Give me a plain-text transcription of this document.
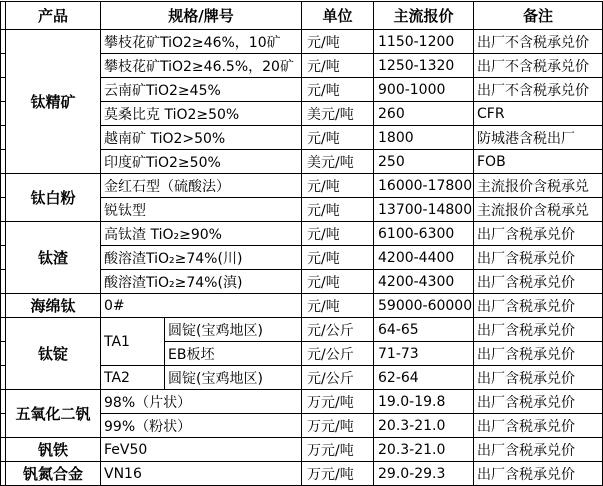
	产品	规格/牌号		单位	主流报价	备注
	钛精矿	攀枝花矿TiO2≥46%，10矿		元/吨	1150-1200	出厂不含税承兑价
		攀枝花矿TiO2≥46.5%，20矿		元/吨	1250-1320	出厂不含税承兑价
		云南矿TiO2≥45%		元/吨	900-1000	出厂不含税承兑价
		莫桑比克 TiO2≥50%		美元/吨	260	CFR
		越南矿 TiO2>50%		元/吨	1800	防城港含税出厂
		印度矿TiO2≥50%		美元/吨	250	FOB
	钛白粉	金红石型（硫酸法）		元/吨	16000-17800	主流报价含税承兑
		锐钛型		元/吨	13700-14800	主流报价含税承兑
	钛渣	高钛渣 TiO₂≥90%		元/吨	6100-6300	出厂含税承兑价
		酸溶渣TiO₂≥74%(川)		元/吨	4200-4400	出厂含税承兑价
		酸溶渣TiO₂≥74%(滇)		元/吨	4200-4300	出厂含税承兑价
	海绵钛	0#		元/吨	59000-60000	出厂含税承兑价
	钛锭	TA1	圆锭(宝鸡地区)	元/公斤	64-65	出厂含税承兑价
			EB板坯	元/公斤	71-73	出厂含税承兑价
		TA2	圆锭(宝鸡地区)	元/公斤	62-64	出厂含税承兑价
	五氧化二钒	98%（片状）		万元/吨	19.0-19.8	出厂含税承兑价
		99%（粉状）		万元/吨	20.3-21.0	出厂含税承兑价
	钒铁	FeV50		万元/吨	20.3-21.0	出厂含税承兑价
	钒氮合金	VN16		万元/吨	29.0-29.3	出厂含税承兑价
